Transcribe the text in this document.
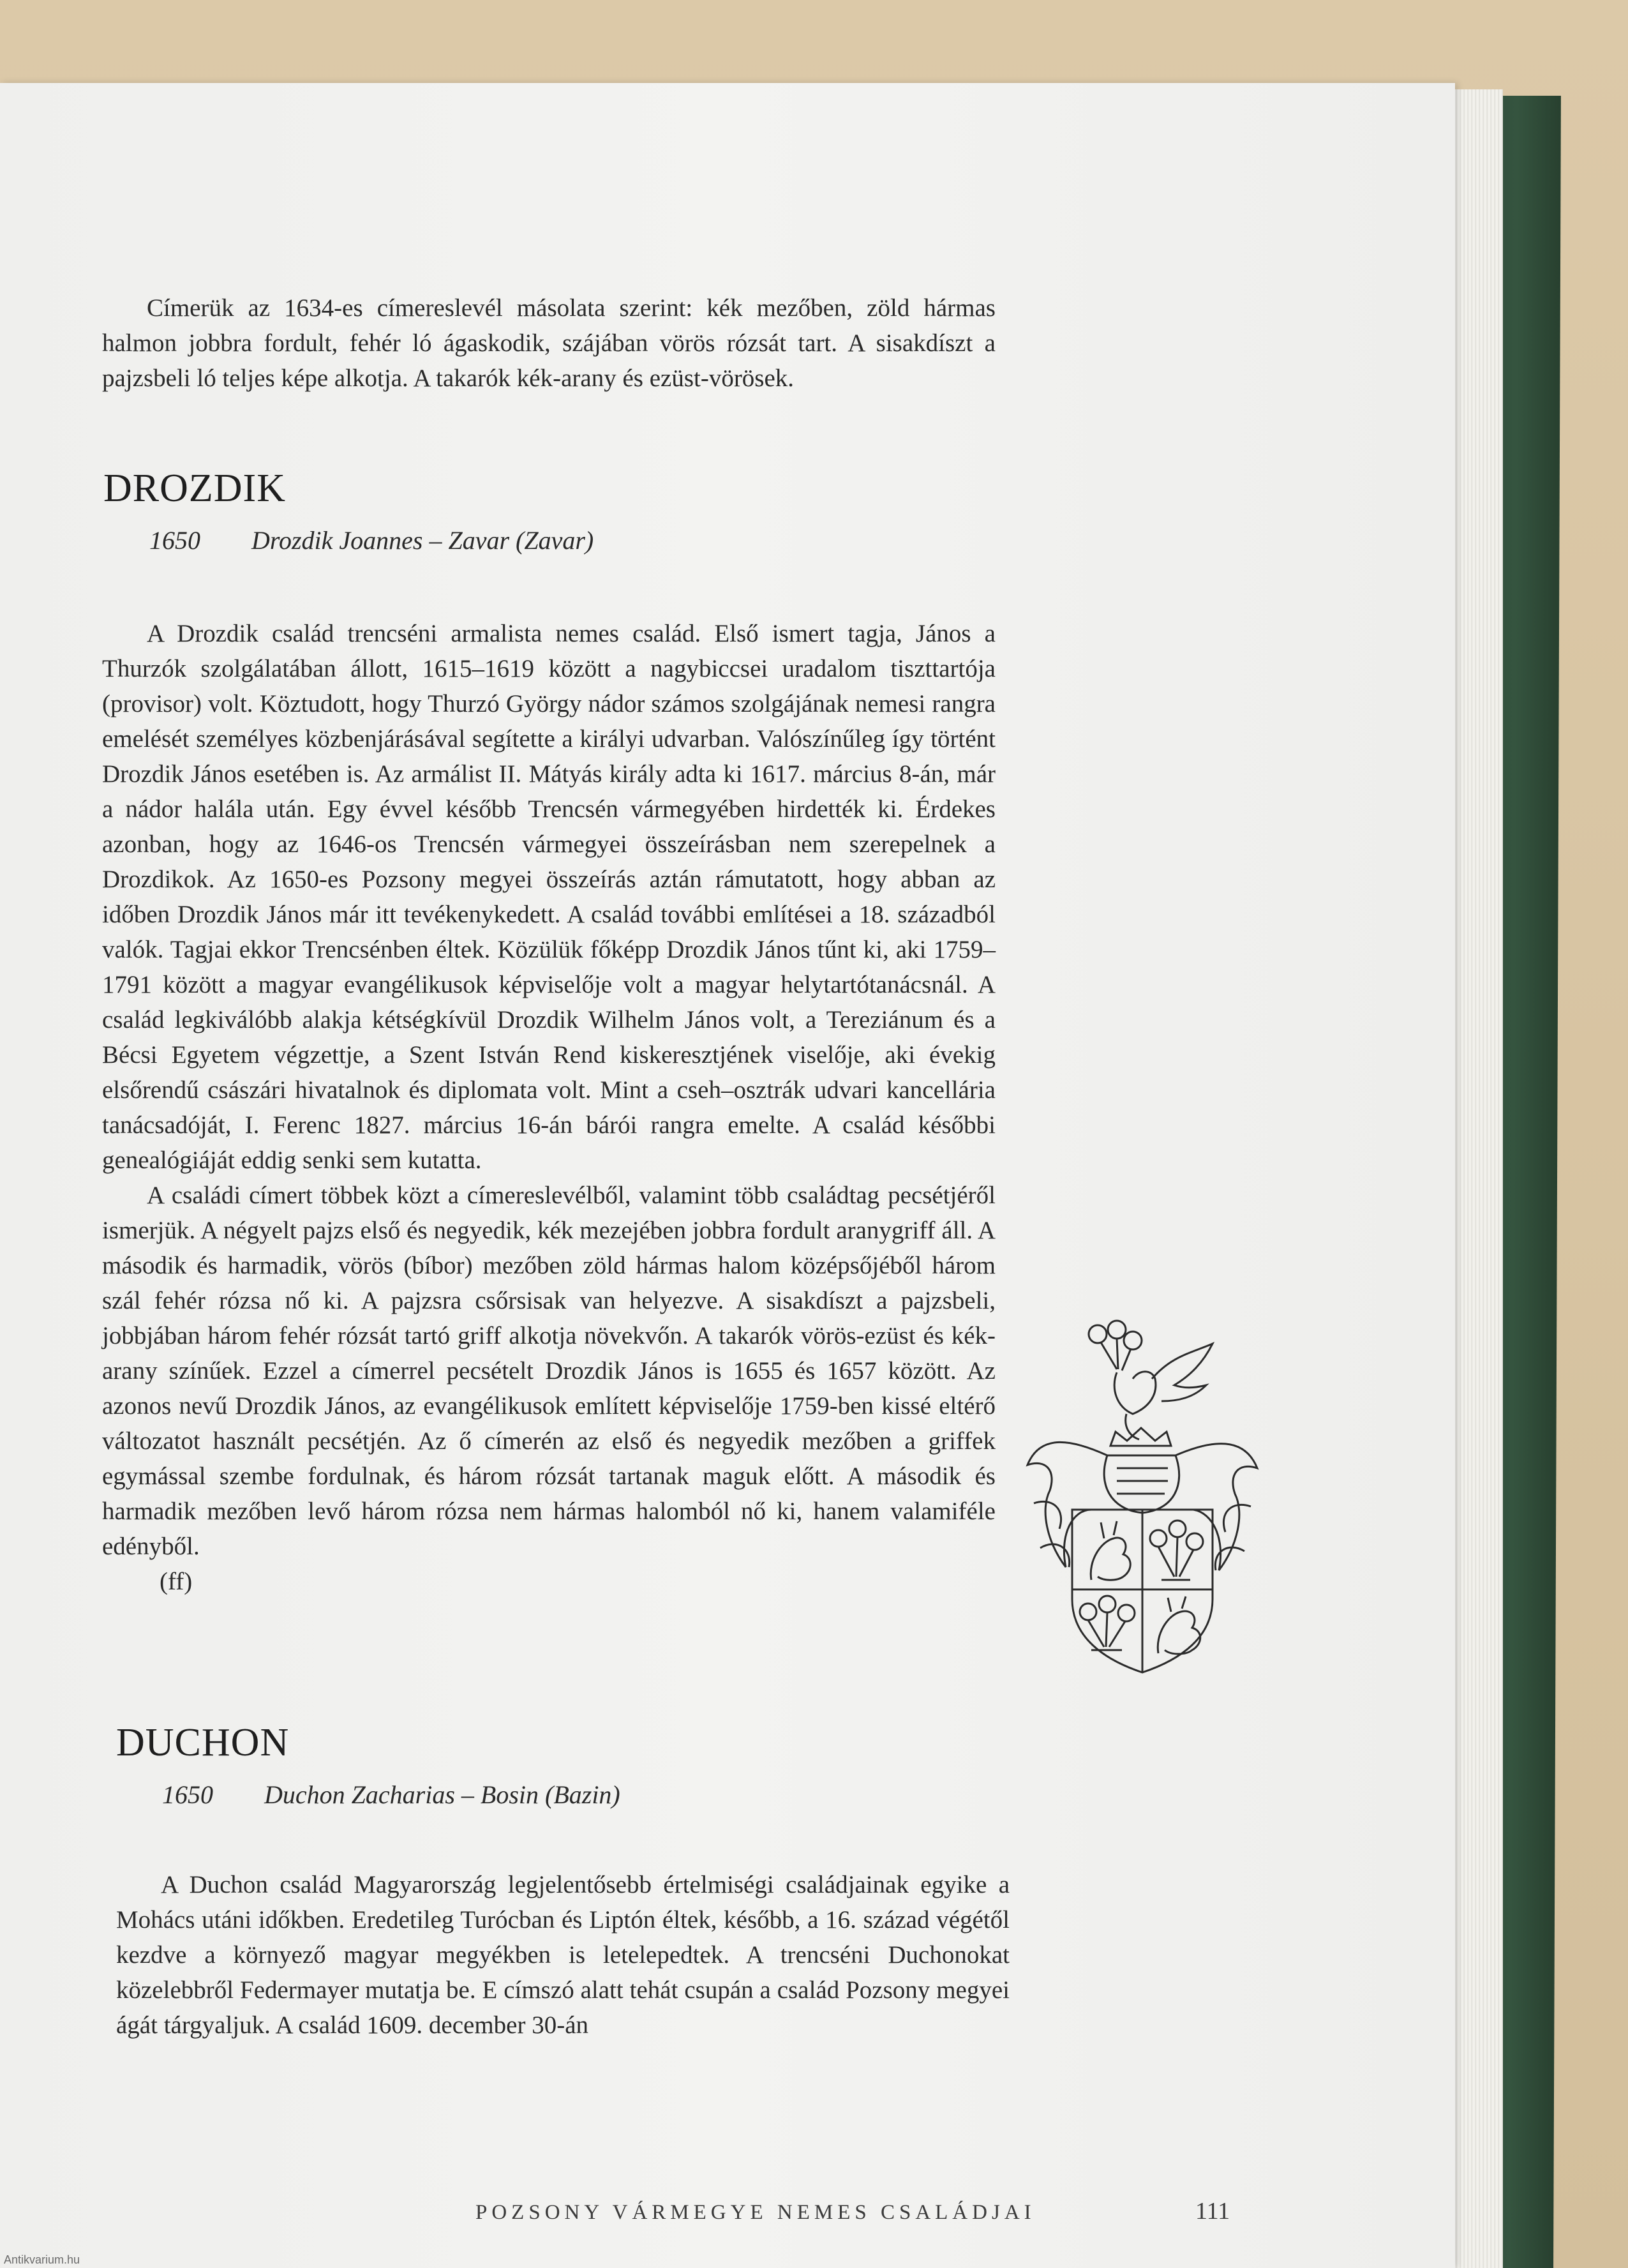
Címerük az 1634-es címereslevél másolata szerint: kék mezőben, zöld hármas halmon jobbra fordult, fehér ló ágaskodik, szájában vörös rózsát tart. A sisakdíszt a pajzsbeli ló teljes képe alkotja. A takarók kék-arany és ezüst-vörösek.

DROZDIK
1650 Drozdik Joannes – Zavar (Zavar)

A Drozdik család trencséni armalista nemes család. Első ismert tagja, János a Thurzók szolgálatában állott, 1615–1619 között a nagybiccsei uradalom tiszttartója (provisor) volt. Köztudott, hogy Thurzó György nádor számos szolgájának nemesi rangra emelését személyes közbenjárásával segítette a királyi udvarban. Valószínűleg így történt Drozdik János esetében is. Az armálist II. Mátyás király adta ki 1617. március 8-án, már a nádor halála után. Egy évvel később Trencsén vármegyében hirdették ki. Érdekes azonban, hogy az 1646-os Trencsén vármegyei összeírásban nem szerepelnek a Drozdikok. Az 1650-es Pozsony megyei összeírás aztán rámutatott, hogy abban az időben Drozdik János már itt tevékenykedett. A család további említései a 18. századból valók. Tagjai ekkor Trencsénben éltek. Közülük főképp Drozdik János tűnt ki, aki 1759–1791 között a magyar evangélikusok képviselője volt a magyar helytartótanácsnál. A család legkiválóbb alakja kétségkívül Drozdik Wilhelm János volt, a Tereziánum és a Bécsi Egyetem végzettje, a Szent István Rend kiskeresztjének viselője, aki évekig elsőrendű császári hivatalnok és diplomata volt. Mint a cseh–osztrák udvari kancellária tanácsadóját, I. Ferenc 1827. március 16-án bárói rangra emelte. A család későbbi genealógiáját eddig senki sem kutatta.

A családi címert többek közt a címereslevélből, valamint több családtag pecsétjéről ismerjük. A négyelt pajzs első és negyedik, kék mezejében jobbra fordult aranygriff áll. A második és harmadik, vörös (bíbor) mezőben zöld hármas halom középsőjéből három szál fehér rózsa nő ki. A pajzsra csőrsisak van helyezve. A sisakdíszt a pajzsbeli, jobbjában három fehér rózsát tartó griff alkotja növekvőn. A takarók vörös-ezüst és kék-arany színűek. Ezzel a címerrel pecsételt Drozdik János is 1655 és 1657 között. Az azonos nevű Drozdik János, az evangélikusok említett képviselője 1759-ben kissé eltérő változatot használt pecsétjén. Az ő címerén az első és negyedik mezőben a griffek egymással szembe fordulnak, és három rózsát tartanak maguk előtt. A második és harmadik mezőben levő három rózsa nem hármas halomból nő ki, hanem valamiféle edényből.

(ff)
DUCHON
1650 Duchon Zacharias – Bosin (Bazin)

A Duchon család Magyarország legjelentősebb értelmiségi családjainak egyike a Mohács utáni időkben. Eredetileg Turócban és Liptón éltek, később, a 16. század végétől kezdve a környező magyar megyékben is letelepedtek. A trencséni Duchonokat közelebbről Federmayer mutatja be. E címszó alatt tehát csupán a család Pozsony megyei ágát tárgyaljuk. A család 1609. december 30-án

POZSONY VÁRMEGYE NEMES CSALÁDJAI	111
Antikvarium.hu
